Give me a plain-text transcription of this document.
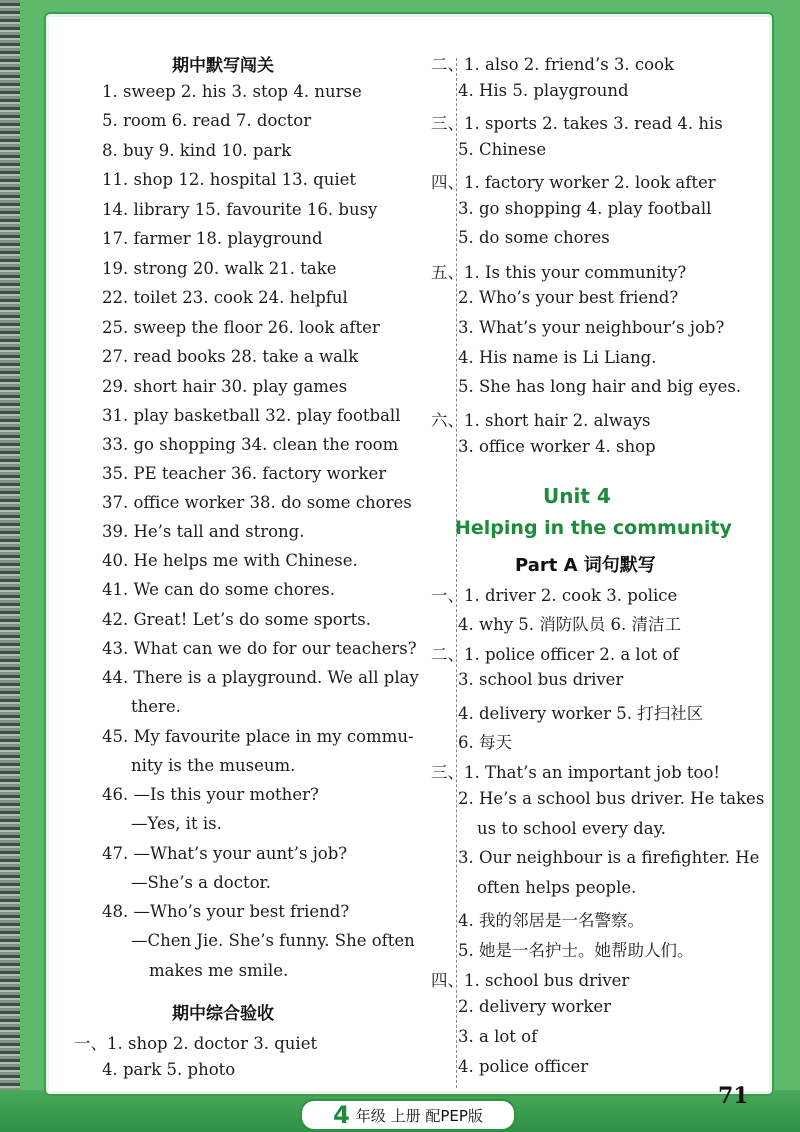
期中默写闯关
1. sweep 2. his 3. stop 4. nurse
5. room 6. read 7. doctor
8. buy 9. kind 10. park
11. shop 12. hospital 13. quiet
14. library 15. favourite 16. busy
17. farmer 18. playground
19. strong 20. walk 21. take
22. toilet 23. cook 24. helpful
25. sweep the floor 26. look after
27. read books 28. take a walk
29. short hair 30. play games
31. play basketball 32. play football
33. go shopping 34. clean the room
35. PE teacher 36. factory worker
37. office worker 38. do some chores
39. He’s tall and strong.
40. He helps me with Chinese.
41. We can do some chores.
42. Great! Let’s do some sports.
43. What can we do for our teachers?
44. There is a playground. We all play
there.
45. My favourite place in my commu-
nity is the museum.
46. —Is this your mother?
—Yes, it is.
47. —What’s your aunt’s job?
—She’s a doctor.
48. —Who’s your best friend?
—Chen Jie. She’s funny. She often
makes me smile.
期中综合验收
一、1. shop 2. doctor 3. quiet
4. park 5. photo
二、1. also 2. friend’s 3. cook
4. His 5. playground
三、1. sports 2. takes 3. read 4. his
5. Chinese
四、1. factory worker 2. look after
3. go shopping 4. play football
5. do some chores
五、1. Is this your community?
2. Who’s your best friend?
3. What’s your neighbour’s job?
4. His name is Li Liang.
5. She has long hair and big eyes.
六、1. short hair 2. always
3. office worker 4. shop
Unit 4
Helping in the community
Part A 词句默写
一、1. driver 2. cook 3. police
4. why 5. 消防队员 6. 清洁工
二、1. police officer 2. a lot of
3. school bus driver
4. delivery worker 5. 打扫社区
6. 每天
三、1. That’s an important job too!
2. He’s a school bus driver. He takes
us to school every day.
3. Our neighbour is a firefighter. He
often helps people.
4. 我的邻居是一名警察。
5. 她是一名护士。她帮助人们。
四、1. school bus driver
2. delivery worker
3. a lot of
4. police officer
4 年级 上册 配PEP版
71
